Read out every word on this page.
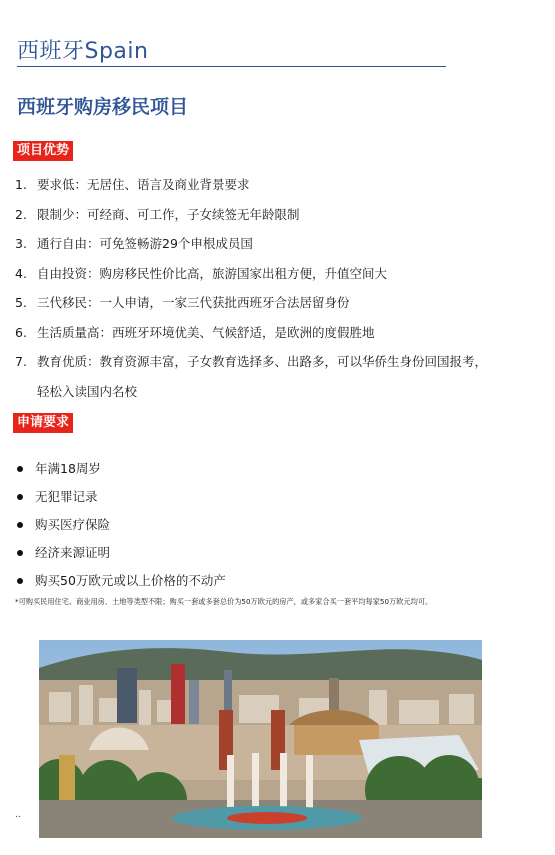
西班牙Spain
西班牙购房移民项目
项目优势
1. 要求低：无居住、语言及商业背景要求
2. 限制少：可经商、可工作，子女续签无年龄限制
3. 通行自由：可免签畅游29个申根成员国
4. 自由投资：购房移民性价比高，旅游国家出租方便，升值空间大
5. 三代移民：一人申请，一家三代获批西班牙合法居留身份
6. 生活质量高：西班牙环境优美、气候舒适，是欧洲的度假胜地
7. 教育优质：教育资源丰富，子女教育选择多、出路多，可以华侨生身份回国报考，
轻松入读国内名校
申请要求
年满18周岁
无犯罪记录
购买医疗保险
经济来源证明
购买50万欧元或以上价格的不动产
*可购买民用住宅、商业用房、土地等类型不限；购买一套或多套总价为50万欧元的房产，或多家合买一套平均每家50万欧元均可。
..
